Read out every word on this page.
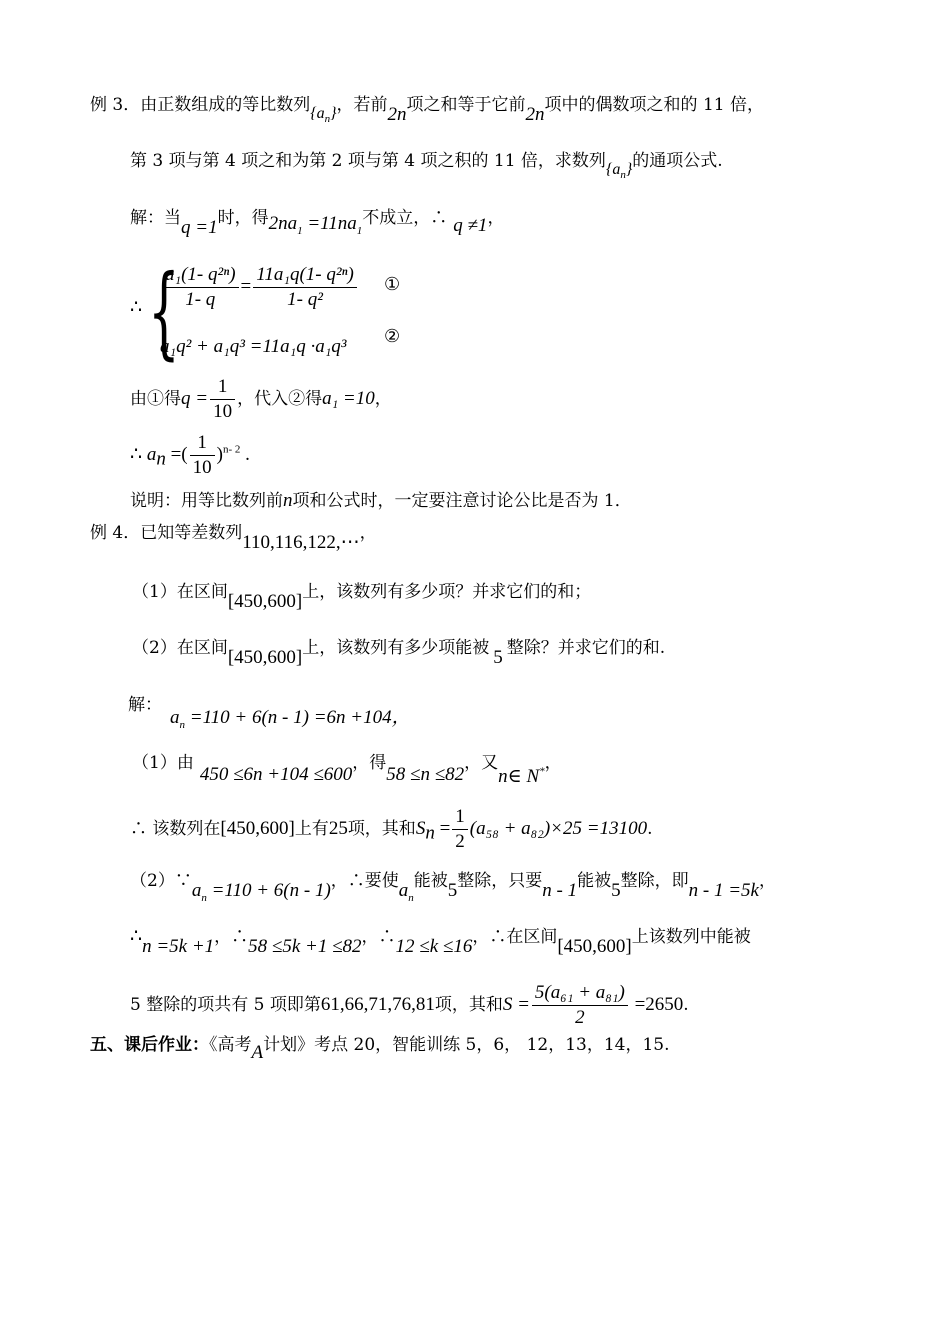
例 3．由正数组成的等比数列$\{a_n\}$，若前2n项之和等于它前2n项中的偶数项之和的 11 倍，
第 3 项与第 4 项之和为第 2 项与第 4 项之积的 11 倍，求数列$\{a_n\}$的通项公式.
解：当q =1时，得$2na_1 =11na_1$不成立，∴ q ≠1，
∴ {
$\frac{\text{a₁(1- q²ⁿ)}}{1- q} = \frac{\text{11a₁q(1- q²ⁿ)}}{\text{1- q²}}$ ①
a₁q² + a₁q³ =11a₁q ·a₁q³ ②
由①得$q = \frac{1}{10}$ ，代入②得a₁ =10，
∴ $a_n$ =( $\frac{1}{10} )^{n- 2}$ .
说明：用等比数列前n项和公式时，一定要注意讨论公比是否为 1．
例 4．已知等差数列110,116,122,⋯，
（1）在区间[450,600]上，该数列有多少项？并求它们的和；
（2）在区间[450,600]上，该数列有多少项能被 5 整除？并求它们的和.
解：
$a_n =110 + 6(n - 1) =6n +104$，
（1）由450 ≤6n +104 ≤600，得58 ≤n ≤82，又n∈ N*，
∴ 该数列在[450,600]上有25项，其和$S_n = \frac{1}{2} (a_{58} + a_{82})\times 25 =13100$.
$(2)\because a_n =110 + 6(n - 1)$，∴要使$a_n$能被5整除，只要n - 1能被5整除，即n - 1 =5k，
∴n =5k +1，∴58 ≤5k +1 ≤82，∴12 ≤k ≤16，∴在区间[450,600]上该数列中能被
5 整除的项共有 5 项即第61,66,71,76,81项，其和$S = \frac{\text{5(a₆₁ + a₈₁)}}{2} =2650$.
五、课后作业：《高考A计划》考点 20，智能训练 5，6， 12，13，14，15.
